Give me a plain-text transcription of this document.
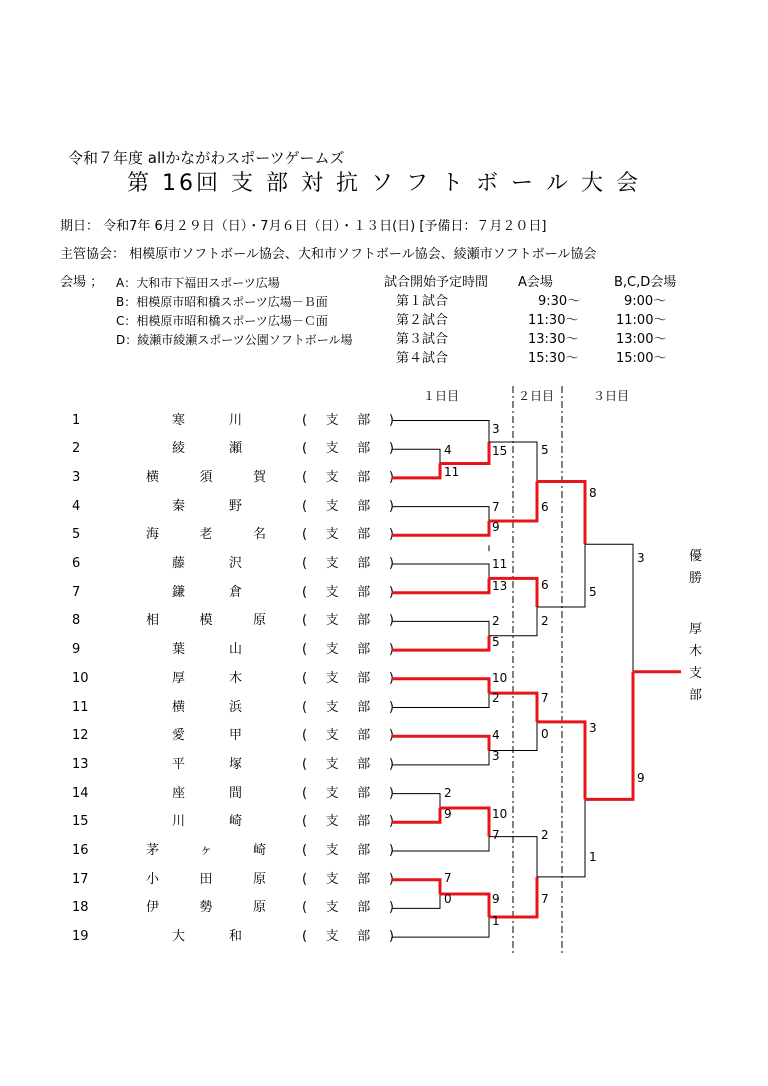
令和７年度 allかながわスポーツゲームズ
第 16回 支 部 対 抗 ソ フ ト ボ ー ル 大 会
期日： 令和7年 6月２９日（日）・7月６日（日）・１３日(日) [予備日：７月２０日]
主管協会： 相模原市ソフトボール協会、大和市ソフトボール協会、綾瀬市ソフトボール協会
会場 ； A：大和市下福田スポーツ広場
B：相模原市昭和橋スポーツ広場－Ｂ面
C：相模原市昭和橋スポーツ広場－Ｃ面
D：綾瀬市綾瀬スポーツ公園ソフトボール場
試合開始予定時間 A会場	B,C,D会場
第１試合	9:30～	9:00～
第２試合	11:30～	11:00～
第３試合	13:30～	13:00～
第４試合	15:30～	15:00～
１日目	２日目	３日目
1	寒	川	( 支 部 )
2	綾	瀬	( 支 部 )
3	横	須	賀	( 支 部 )
4	秦	野	( 支 部 )
5	海	老	名	( 支 部 )
6	藤	沢	( 支 部 )
7	鎌	倉	( 支 部 )
8	相	模	原	( 支 部 )
9	葉	山	( 支 部 )
10	厚	木	( 支 部 )
11	横	浜	( 支 部 )
12	愛	甲	( 支 部 )
13	平	塚	( 支 部 )
14	座	間	( 支 部 )
15	川	崎	( 支 部 )
16	茅	ヶ	崎	( 支 部 )
17	小	田	原	( 支 部 )
18	伊	勢	原	( 支 部 )
19	大	和	( 支 部 )
4
11
3
15
7
9
11
13
2
5
10
2
4
3
2
9	10
7
7
0	9
1
5
6
6
2
7
0
2
7
8
5
3
1
3
9
優
勝
厚
木
支
部
